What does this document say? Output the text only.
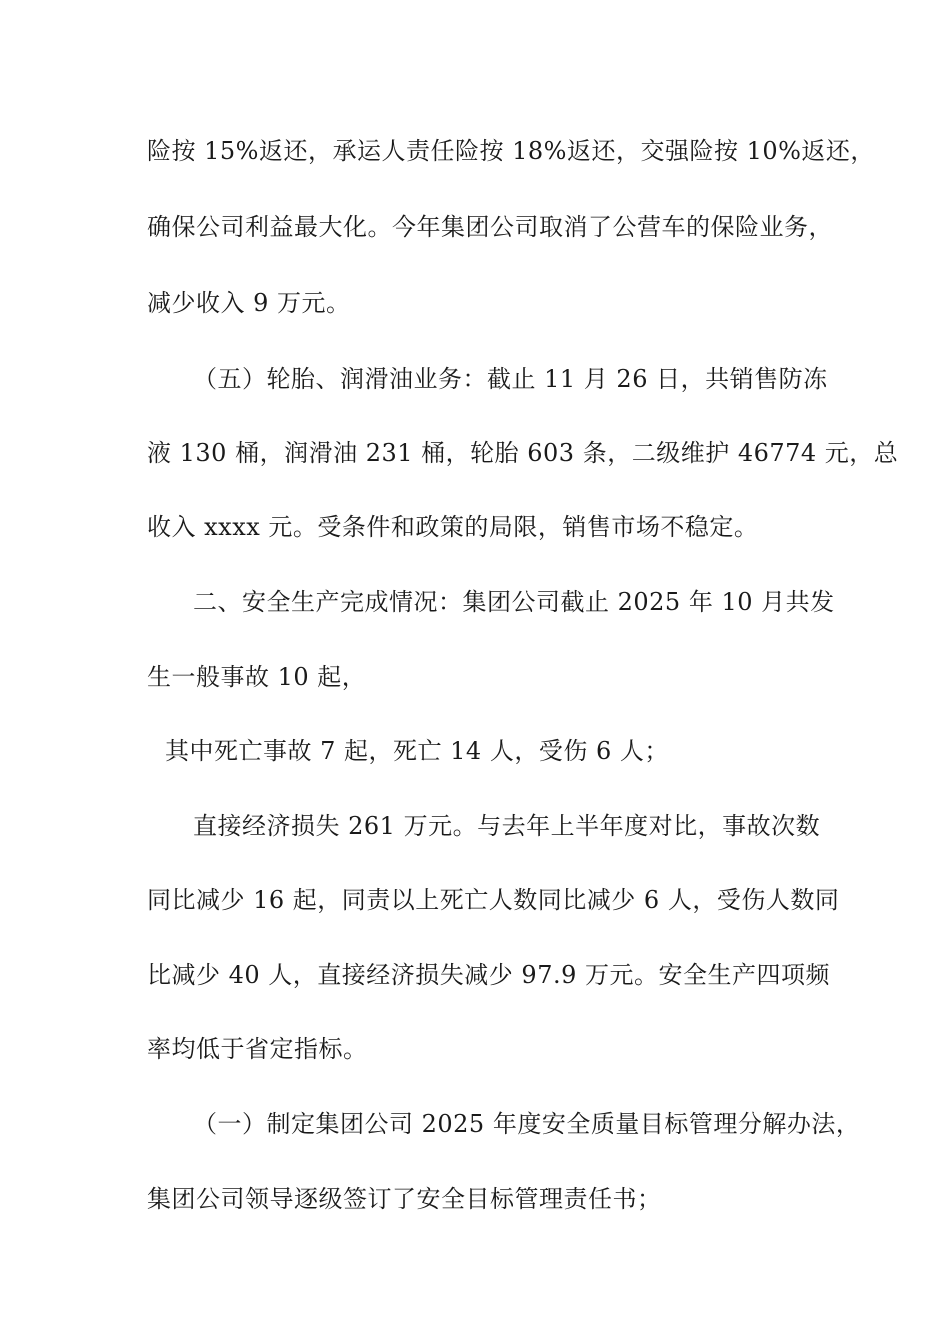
险按 15%返还，承运人责任险按 18%返还，交强险按 10%返还，
确保公司利益最大化。今年集团公司取消了公营车的保险业务，
减少收入 9 万元。
（五）轮胎、润滑油业务：截止 11 月 26 日，共销售防冻
液 130 桶，润滑油 231 桶，轮胎 603 条，二级维护 46774 元，总
收入 xxxx 元。受条件和政策的局限，销售市场不稳定。
二、安全生产完成情况：集团公司截止 2025 年 10 月共发
生一般事故 10 起，
其中死亡事故 7 起，死亡 14 人，受伤 6 人；
直接经济损失 261 万元。与去年上半年度对比，事故次数
同比减少 16 起，同责以上死亡人数同比减少 6 人，受伤人数同
比减少 40 人，直接经济损失减少 97.9 万元。安全生产四项频
率均低于省定指标。
（一）制定集团公司 2025 年度安全质量目标管理分解办法，
集团公司领导逐级签订了安全目标管理责任书；
